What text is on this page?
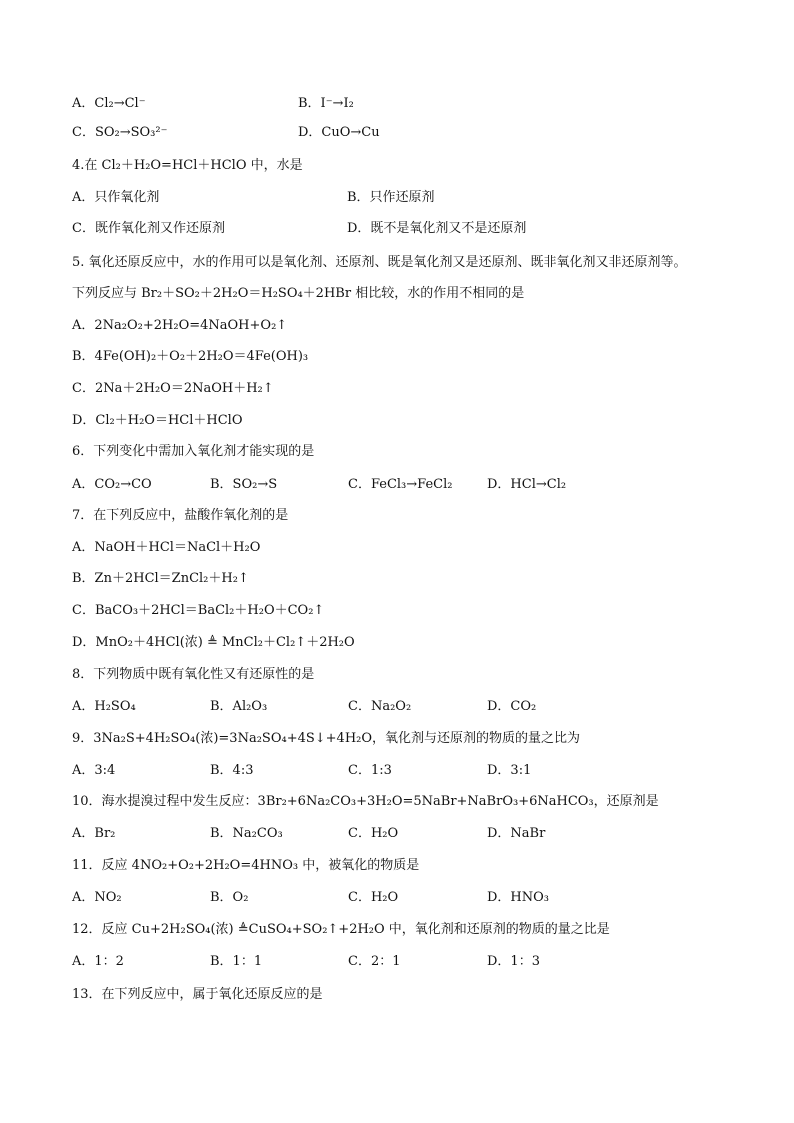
A．Cl₂→Cl⁻	B．I⁻→I₂
C．SO₂→SO₃²⁻	D．CuO→Cu
4.在 Cl₂＋H₂O=HCl＋HClO 中，水是
A．只作氧化剂	B．只作还原剂
C．既作氧化剂又作还原剂	D．既不是氧化剂又不是还原剂
5. 氧化还原反应中，水的作用可以是氧化剂、还原剂、既是氧化剂又是还原剂、既非氧化剂又非还原剂等。
下列反应与 Br₂＋SO₂＋2H₂O＝H₂SO₄＋2HBr 相比较，水的作用不相同的是
A．2Na₂O₂+2H₂O=4NaOH+O₂↑
B．4Fe(OH)₂＋O₂＋2H₂O＝4Fe(OH)₃
C．2Na＋2H₂O＝2NaOH＋H₂↑
D．Cl₂＋H₂O＝HCl＋HClO
6．下列变化中需加入氧化剂才能实现的是
A．CO₂→CO	B．SO₂→S	C．FeCl₃→FeCl₂	D．HCl→Cl₂
7．在下列反应中，盐酸作氧化剂的是
A．NaOH＋HCl＝NaCl＋H₂O
B．Zn＋2HCl＝ZnCl₂＋H₂↑
C．BaCO₃＋2HCl＝BaCl₂＋H₂O＋CO₂↑
D．MnO₂＋4HCl(浓) ≜ MnCl₂＋Cl₂↑＋2H₂O
8．下列物质中既有氧化性又有还原性的是
A．H₂SO₄	B．Al₂O₃	C．Na₂O₂	D．CO₂
9．3Na₂S+4H₂SO₄(浓)=3Na₂SO₄+4S↓+4H₂O，氧化剂与还原剂的物质的量之比为
A．3:4	B．4:3	C．1:3	D．3:1
10．海水提溴过程中发生反应：3Br₂+6Na₂CO₃+3H₂O=5NaBr+NaBrO₃+6NaHCO₃，还原剂是
A．Br₂	B．Na₂CO₃	C．H₂O	D．NaBr
11．反应 4NO₂+O₂+2H₂O=4HNO₃ 中，被氧化的物质是
A．NO₂	B．O₂	C．H₂O	D．HNO₃
12．反应 Cu+2H₂SO₄(浓) ≜CuSO₄+SO₂↑+2H₂O 中，氧化剂和还原剂的物质的量之比是
A．1：2	B．1：1	C．2：1	D．1：3
13．在下列反应中，属于氧化还原反应的是
